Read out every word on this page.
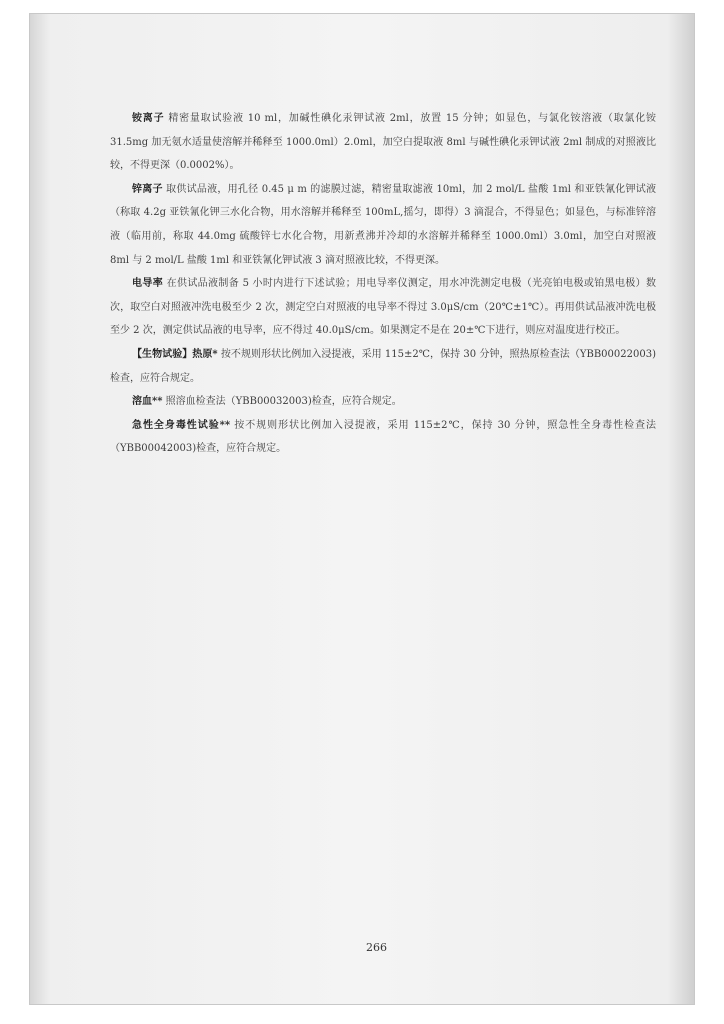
铵离子 精密量取试验液 10 ml，加碱性碘化汞钾试液 2ml，放置 15 分钟；如显色，与氯化铵溶液（取氯化铵 31.5mg 加无氨水适量使溶解并稀释至 1000.0ml）2.0ml，加空白提取液 8ml 与碱性碘化汞钾试液 2ml 制成的对照液比较，不得更深（0.0002%）。

锌离子 取供试品液，用孔径 0.45 μ m 的滤膜过滤，精密量取滤液 10ml，加 2 mol/L 盐酸 1ml 和亚铁氰化钾试液（称取 4.2g 亚铁氰化钾三水化合物，用水溶解并稀释至 100mL,摇匀，即得）3 滴混合，不得显色；如显色，与标准锌溶液（临用前，称取 44.0mg 硫酸锌七水化合物，用新煮沸并冷却的水溶解并稀释至 1000.0ml）3.0ml，加空白对照液 8ml 与 2 mol/L 盐酸 1ml 和亚铁氰化钾试液 3 滴对照液比较，不得更深。

电导率 在供试品液制备 5 小时内进行下述试验；用电导率仪测定，用水冲洗测定电极（光亮铂电极或铂黑电极）数次，取空白对照液冲洗电极至少 2 次，测定空白对照液的电导率不得过 3.0μS/cm（20℃±1℃）。再用供试品液冲洗电极至少 2 次，测定供试品液的电导率，应不得过 40.0μS/cm。如果测定不是在 20±℃下进行，则应对温度进行校正。

【生物试验】热原* 按不规则形状比例加入浸提液，采用 115±2℃，保持 30 分钟，照热原检查法（YBB00022003)检查，应符合规定。

溶血** 照溶血检查法（YBB00032003)检查，应符合规定。

急性全身毒性试验** 按不规则形状比例加入浸提液，采用 115±2℃，保持 30 分钟，照急性全身毒性检查法（YBB00042003)检查，应符合规定。

266
